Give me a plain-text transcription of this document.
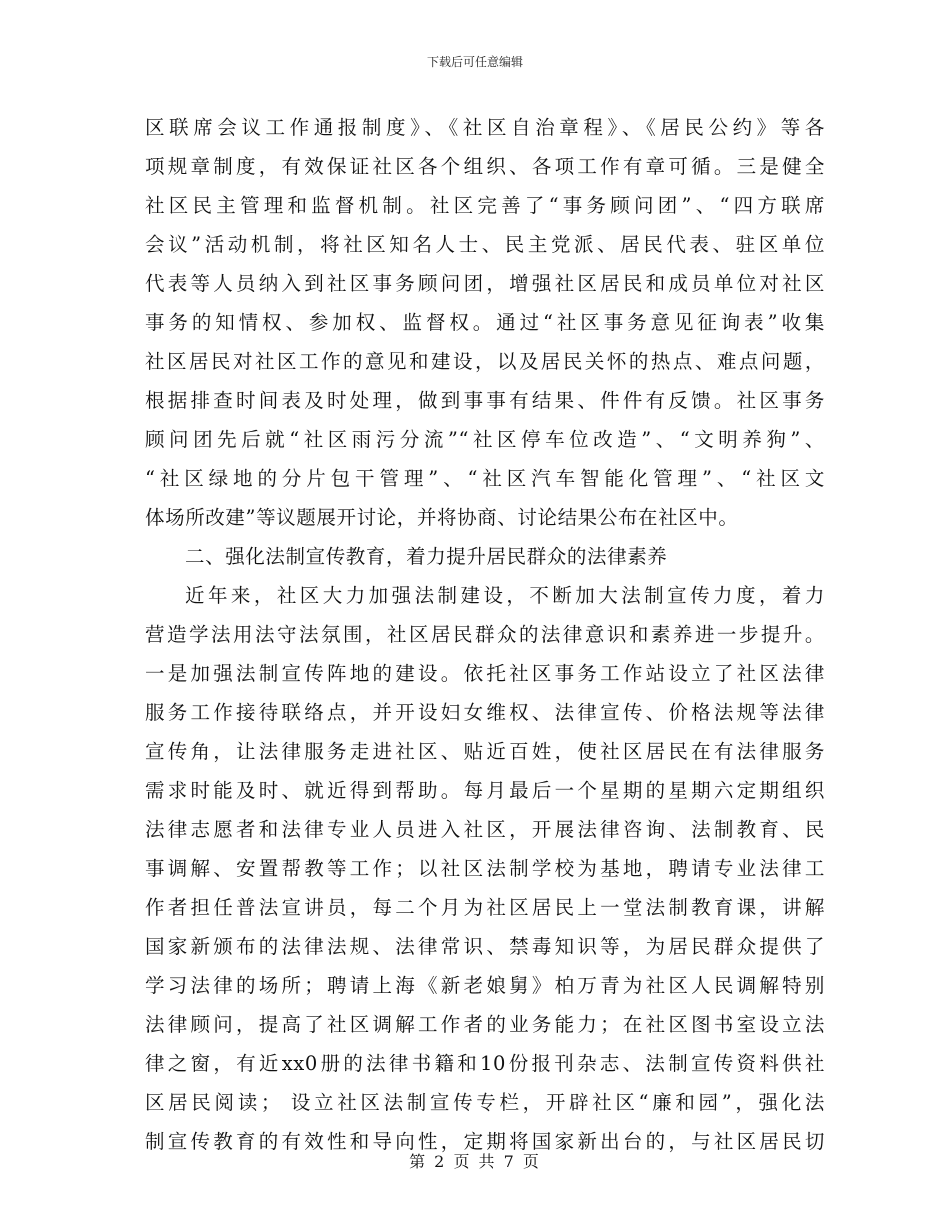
下载后可任意编辑
区联席会议工作通报制度》、《社区自治章程》、《居民公约》等各
项规章制度，有效保证社区各个组织、各项工作有章可循。三是健全
社区民主管理和监督机制。社区完善了“事务顾问团”、“四方联席
会议”活动机制，将社区知名人士、民主党派、居民代表、驻区单位
代表等人员纳入到社区事务顾问团，增强社区居民和成员单位对社区
事务的知情权、参加权、监督权。通过“社区事务意见征询表”收集
社区居民对社区工作的意见和建设，以及居民关怀的热点、难点问题，
根据排查时间表及时处理，做到事事有结果、件件有反馈。社区事务
顾问团先后就“社区雨污分流”“社区停车位改造”、“文明养狗”、
“社区绿地的分片包干管理”、“社区汽车智能化管理”、“社区文
体场所改建”等议题展开讨论，并将协商、讨论结果公布在社区中。
二、强化法制宣传教育，着力提升居民群众的法律素养
近年来，社区大力加强法制建设，不断加大法制宣传力度，着力
营造学法用法守法氛围，社区居民群众的法律意识和素养进一步提升。
一是加强法制宣传阵地的建设。依托社区事务工作站设立了社区法律
服务工作接待联络点，并开设妇女维权、法律宣传、价格法规等法律
宣传角，让法律服务走进社区、贴近百姓，使社区居民在有法律服务
需求时能及时、就近得到帮助。每月最后一个星期的星期六定期组织
法律志愿者和法律专业人员进入社区，开展法律咨询、法制教育、民
事调解、安置帮教等工作；以社区法制学校为基地，聘请专业法律工
作者担任普法宣讲员，每二个月为社区居民上一堂法制教育课，讲解
国家新颁布的法律法规、法律常识、禁毒知识等，为居民群众提供了
学习法律的场所；聘请上海《新老娘舅》柏万青为社区人民调解特别
法律顾问，提高了社区调解工作者的业务能力；在社区图书室设立法
律之窗，有近xx0册的法律书籍和10份报刊杂志、法制宣传资料供社
区居民阅读； 设立社区法制宣传专栏，开辟社区“廉和园”，强化法
制宣传教育的有效性和导向性，定期将国家新出台的，与社区居民切
第 2 页 共 7 页
